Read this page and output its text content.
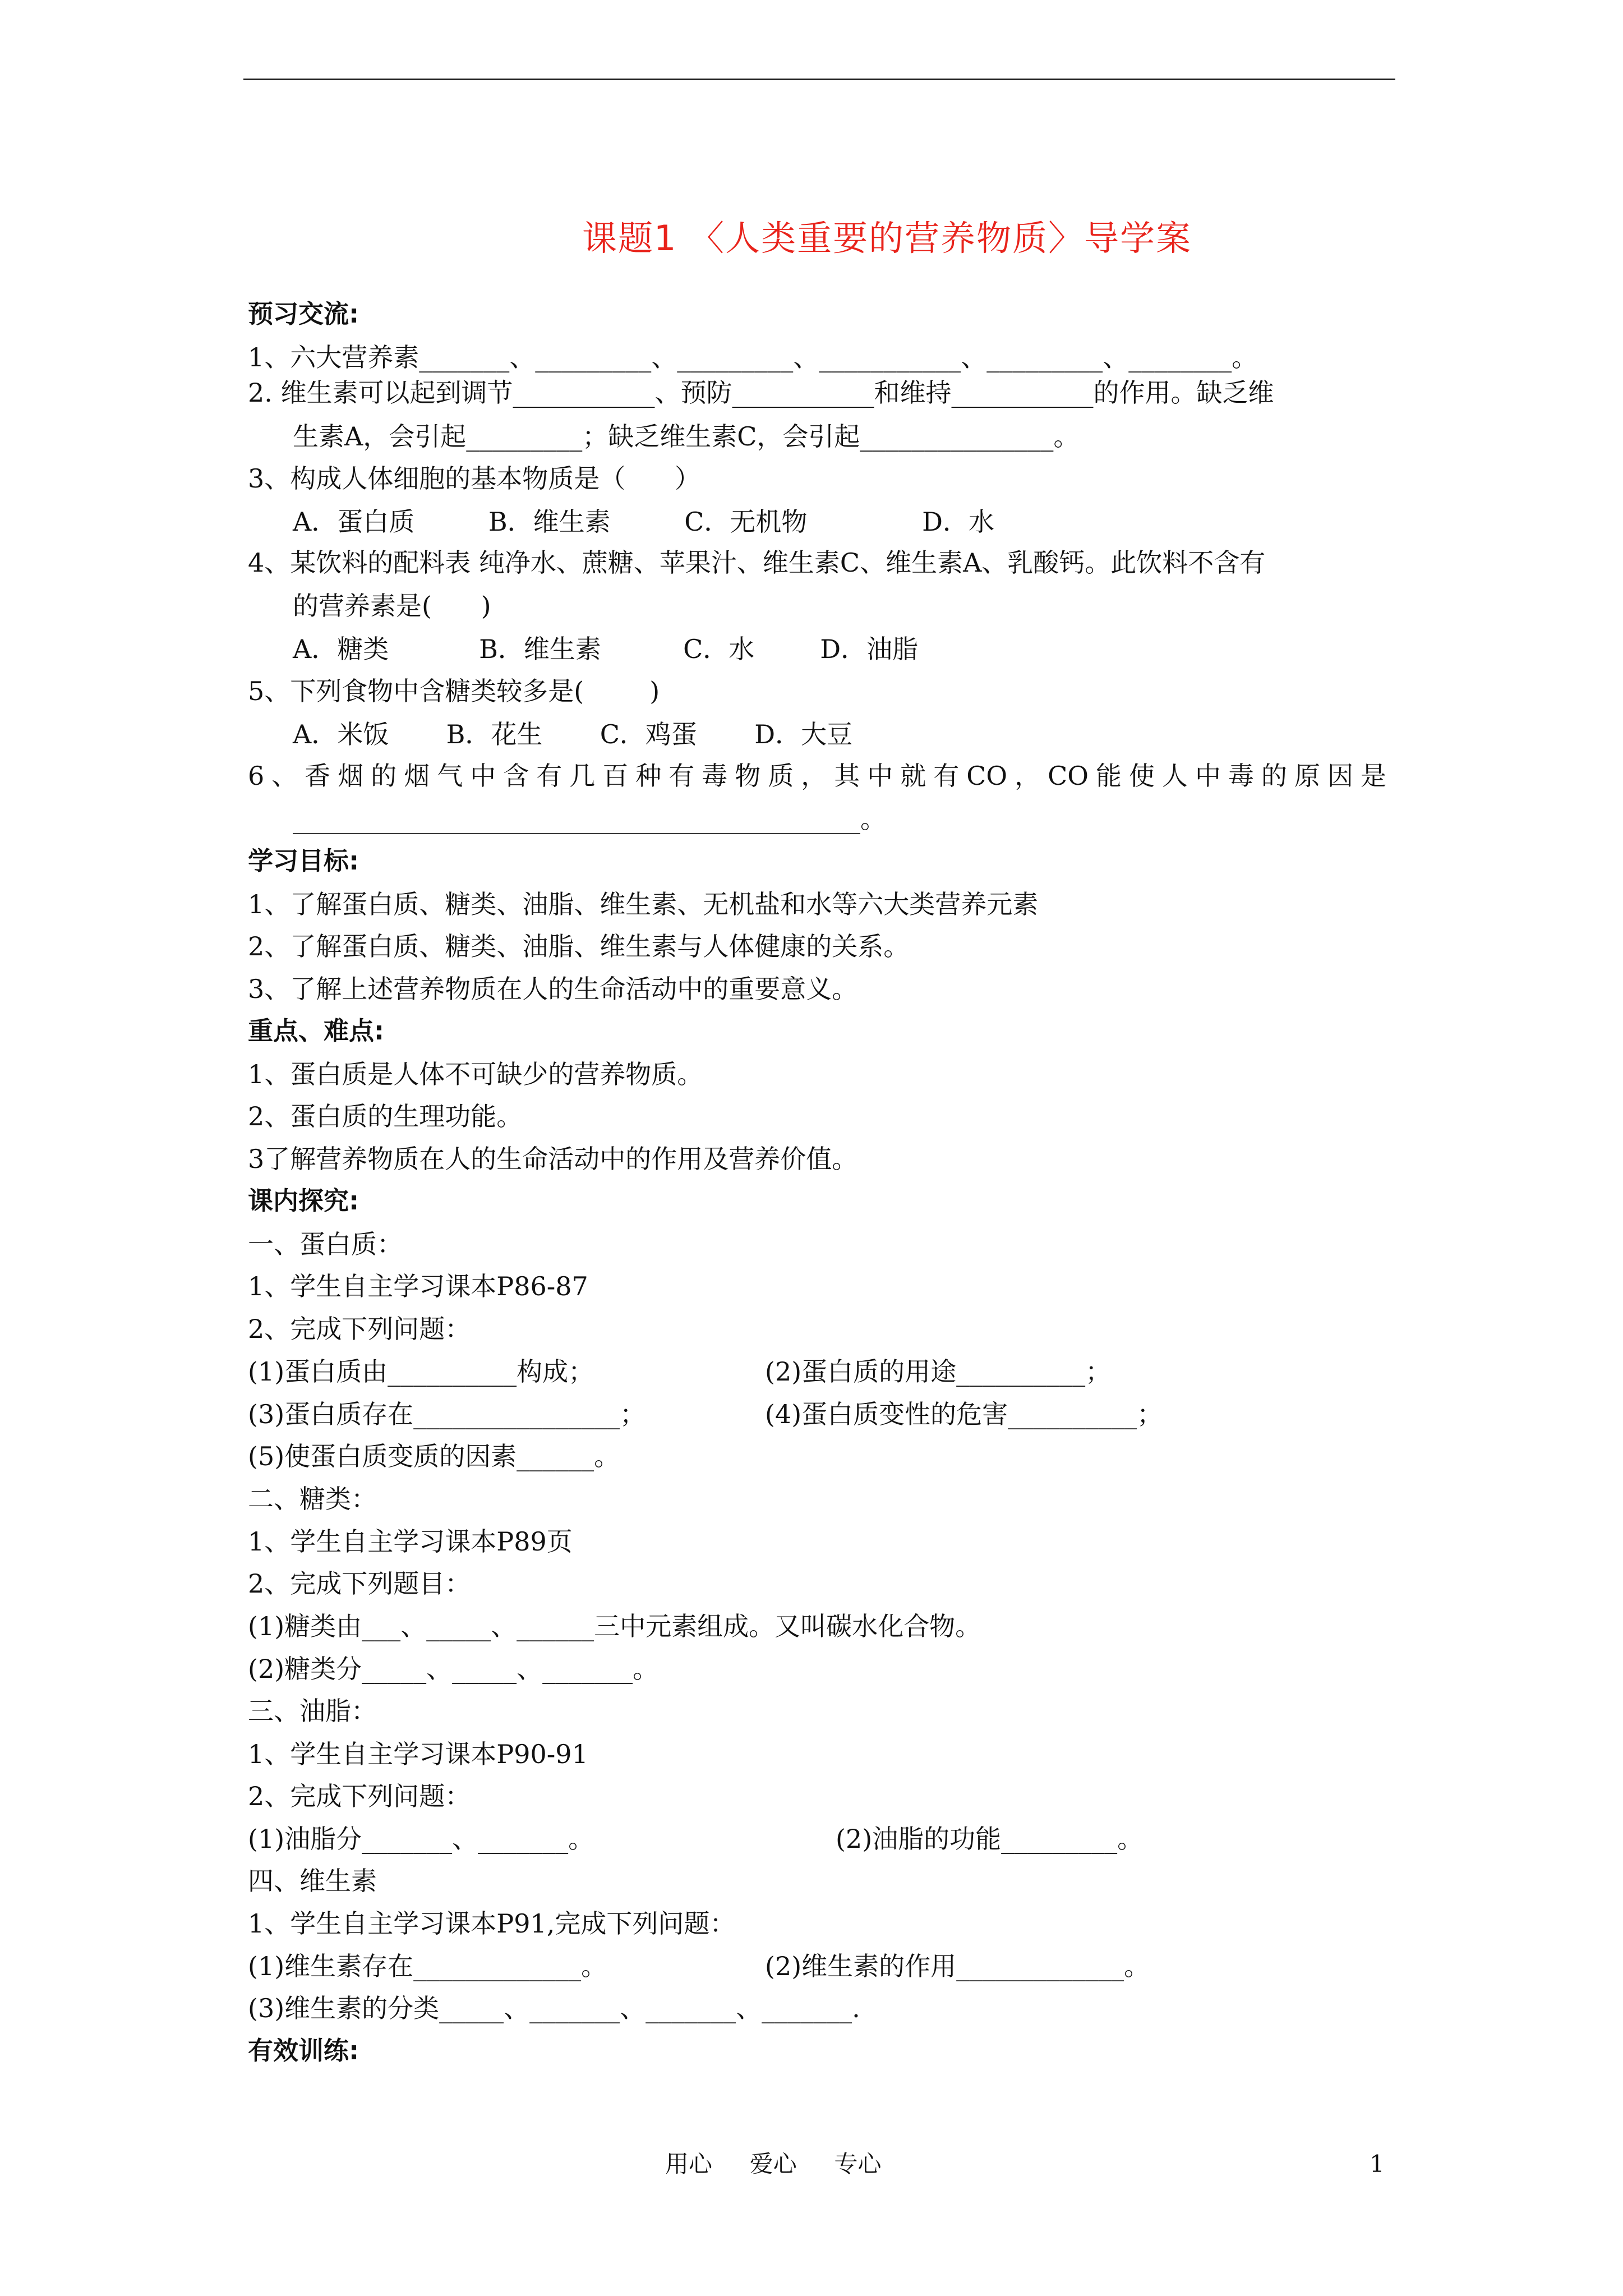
课题1 〈人类重要的营养物质〉导学案
预习交流:
1、六大营养素_______、_________、_________、___________、_________、________。
2. 维生素可以起到调节___________、预防___________和维持___________的作用。缺乏维
生素A，会引起_________；缺乏维生素C，会引起_______________。
3、构成人体细胞的基本物质是（      ）
A．蛋白质         B．维生素         C．无机物              D．水
4、某饮料的配料表 纯净水、蔗糖、苹果汁、维生素C、维生素A、乳酸钙。此饮料不含有
的营养素是(      )
A．糖类           B．维生素          C．水        D．油脂
5、下列食物中含糖类较多是(        )
A．米饭       B．花生       C．鸡蛋       D．大豆
6、香烟的烟气中含有几百种有毒物质，其中就有CO，CO能使人中毒的原因是
____________________________________________。
学习目标:
1、了解蛋白质、糖类、油脂、维生素、无机盐和水等六大类营养元素
2、了解蛋白质、糖类、油脂、维生素与人体健康的关系。
3、了解上述营养物质在人的生命活动中的重要意义。
重点、难点:
1、蛋白质是人体不可缺少的营养物质。
2、蛋白质的生理功能。
3了解营养物质在人的生命活动中的作用及营养价值。
课内探究:
一、蛋白质：
1、学生自主学习课本P86-87
2、完成下列问题：
(1)蛋白质由__________构成；	(2)蛋白质的用途__________；
(3)蛋白质存在________________；	(4)蛋白质变性的危害__________；
(5)使蛋白质变质的因素______。
二、糖类：
1、学生自主学习课本P89页
2、完成下列题目：
(1)糖类由___、_____、______三中元素组成。又叫碳水化合物。
(2)糖类分_____、_____、_______。
三、油脂：
1、学生自主学习课本P90-91
2、完成下列问题：
(1)油脂分_______、_______。	(2)油脂的功能_________。
四、维生素
1、学生自主学习课本P91,完成下列问题：
(1)维生素存在_____________。	(2)维生素的作用_____________。
(3)维生素的分类_____、_______、_______、_______.
有效训练:
用心     爱心     专心	1
